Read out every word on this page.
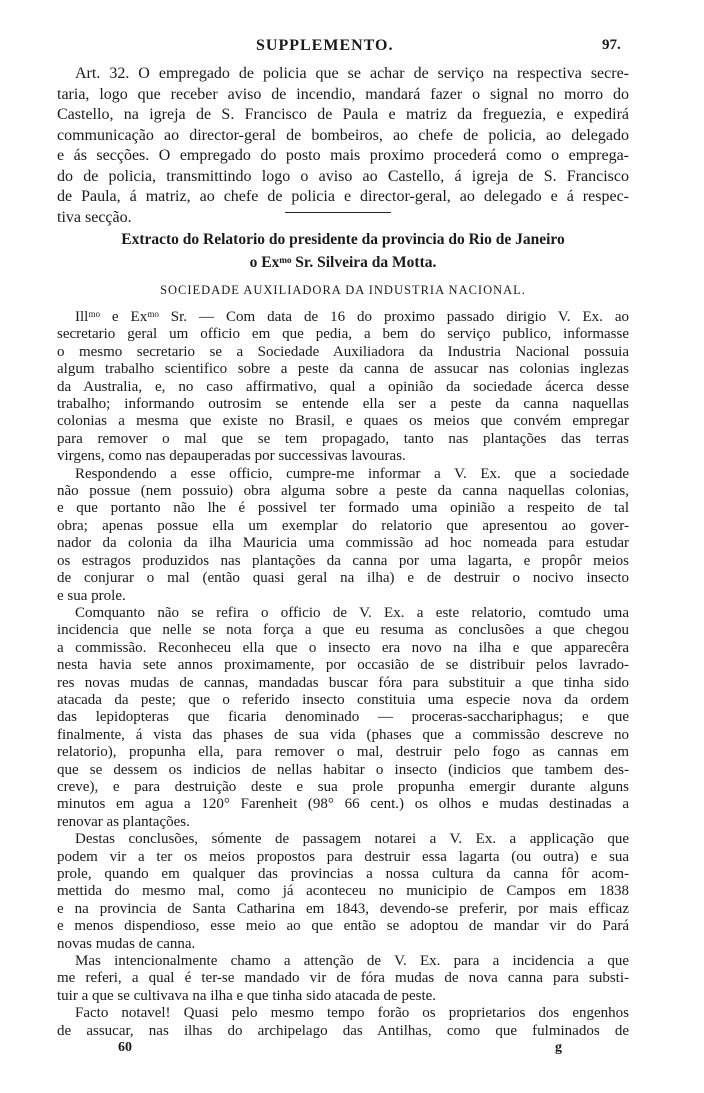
SUPPLEMENTO.	97.
Art. 32. O empregado de policia que se achar de serviço na respectiva secre-
taria, logo que receber aviso de incendio, mandará fazer o signal no morro do
Castello, na igreja de S. Francisco de Paula e matriz da freguezia, e expedirá
communicação ao director-geral de bombeiros, ao chefe de policia, ao delegado
e ás secções. O empregado do posto mais proximo procederá como o emprega-
do de policia, transmittindo logo o aviso ao Castello, á igreja de S. Francisco
de Paula, á matriz, ao chefe de policia e director-geral, ao delegado e á respec-
tiva secção.
Extracto do Relatorio do presidente da provincia do Rio de Janeiro
o Exᵐᵒ Sr. Silveira da Motta.
SOCIEDADE AUXILIADORA DA INDUSTRIA NACIONAL.
Illᵐᵒ e Exᵐᵒ Sr. — Com data de 16 do proximo passado dirigio V. Ex. ao
secretario geral um officio em que pedia, a bem do serviço publico, informasse
o mesmo secretario se a Sociedade Auxiliadora da Industria Nacional possuia
algum trabalho scientifico sobre a peste da canna de assucar nas colonias inglezas
da Australia, e, no caso affirmativo, qual a opinião da sociedade ácerca desse
trabalho; informando outrosim se entende ella ser a peste da canna naquellas
colonias a mesma que existe no Brasil, e quaes os meios que convém empregar
para remover o mal que se tem propagado, tanto nas plantações das terras
virgens, como nas depauperadas por successivas lavouras.
Respondendo a esse officio, cumpre-me informar a V. Ex. que a sociedade
não possue (nem possuio) obra alguma sobre a peste da canna naquellas colonias,
e que portanto não lhe é possivel ter formado uma opinião a respeito de tal
obra; apenas possue ella um exemplar do relatorio que apresentou ao gover-
nador da colonia da ilha Mauricia uma commissão ad hoc nomeada para estudar
os estragos produzidos nas plantações da canna por uma lagarta, e propôr meios
de conjurar o mal (então quasi geral na ilha) e de destruir o nocivo insecto
e sua prole.
Comquanto não se refira o officio de V. Ex. a este relatorio, comtudo uma
incidencia que nelle se nota força a que eu resuma as conclusões a que chegou
a commissão. Reconheceu ella que o insecto era novo na ilha e que apparecêra
nesta havia sete annos proximamente, por occasião de se distribuir pelos lavrado-
res novas mudas de cannas, mandadas buscar fóra para substituir a que tinha sido
atacada da peste; que o referido insecto constituia uma especie nova da ordem
das lepidopteras que ficaria denominado — proceras-sacchariphagus; e que
finalmente, á vista das phases de sua vida (phases que a commissão descreve no
relatorio), propunha ella, para remover o mal, destruir pelo fogo as cannas em
que se dessem os indicios de nellas habitar o insecto (indicios que tambem des-
creve), e para destruição deste e sua prole propunha emergir durante alguns
minutos em agua a 120° Farenheit (98° 66 cent.) os olhos e mudas destinadas a
renovar as plantações.
Destas conclusões, sómente de passagem notarei a V. Ex. a applicação que
podem vir a ter os meios propostos para destruir essa lagarta (ou outra) e sua
prole, quando em qualquer das provincias a nossa cultura da canna fôr acom-
mettida do mesmo mal, como já aconteceu no municipio de Campos em 1838
e na provincia de Santa Catharina em 1843, devendo-se preferir, por mais efficaz
e menos dispendioso, esse meio ao que então se adoptou de mandar vir do Pará
novas mudas de canna.
Mas intencionalmente chamo a attenção de V. Ex. para a incidencia a que
me referi, a qual é ter-se mandado vir de fóra mudas de nova canna para substi-
tuir a que se cultivava na ilha e que tinha sido atacada de peste.
Facto notavel! Quasi pelo mesmo tempo forão os proprietarios dos engenhos
de assucar, nas ilhas do archipelago das Antilhas, como que fulminados de
60	g
